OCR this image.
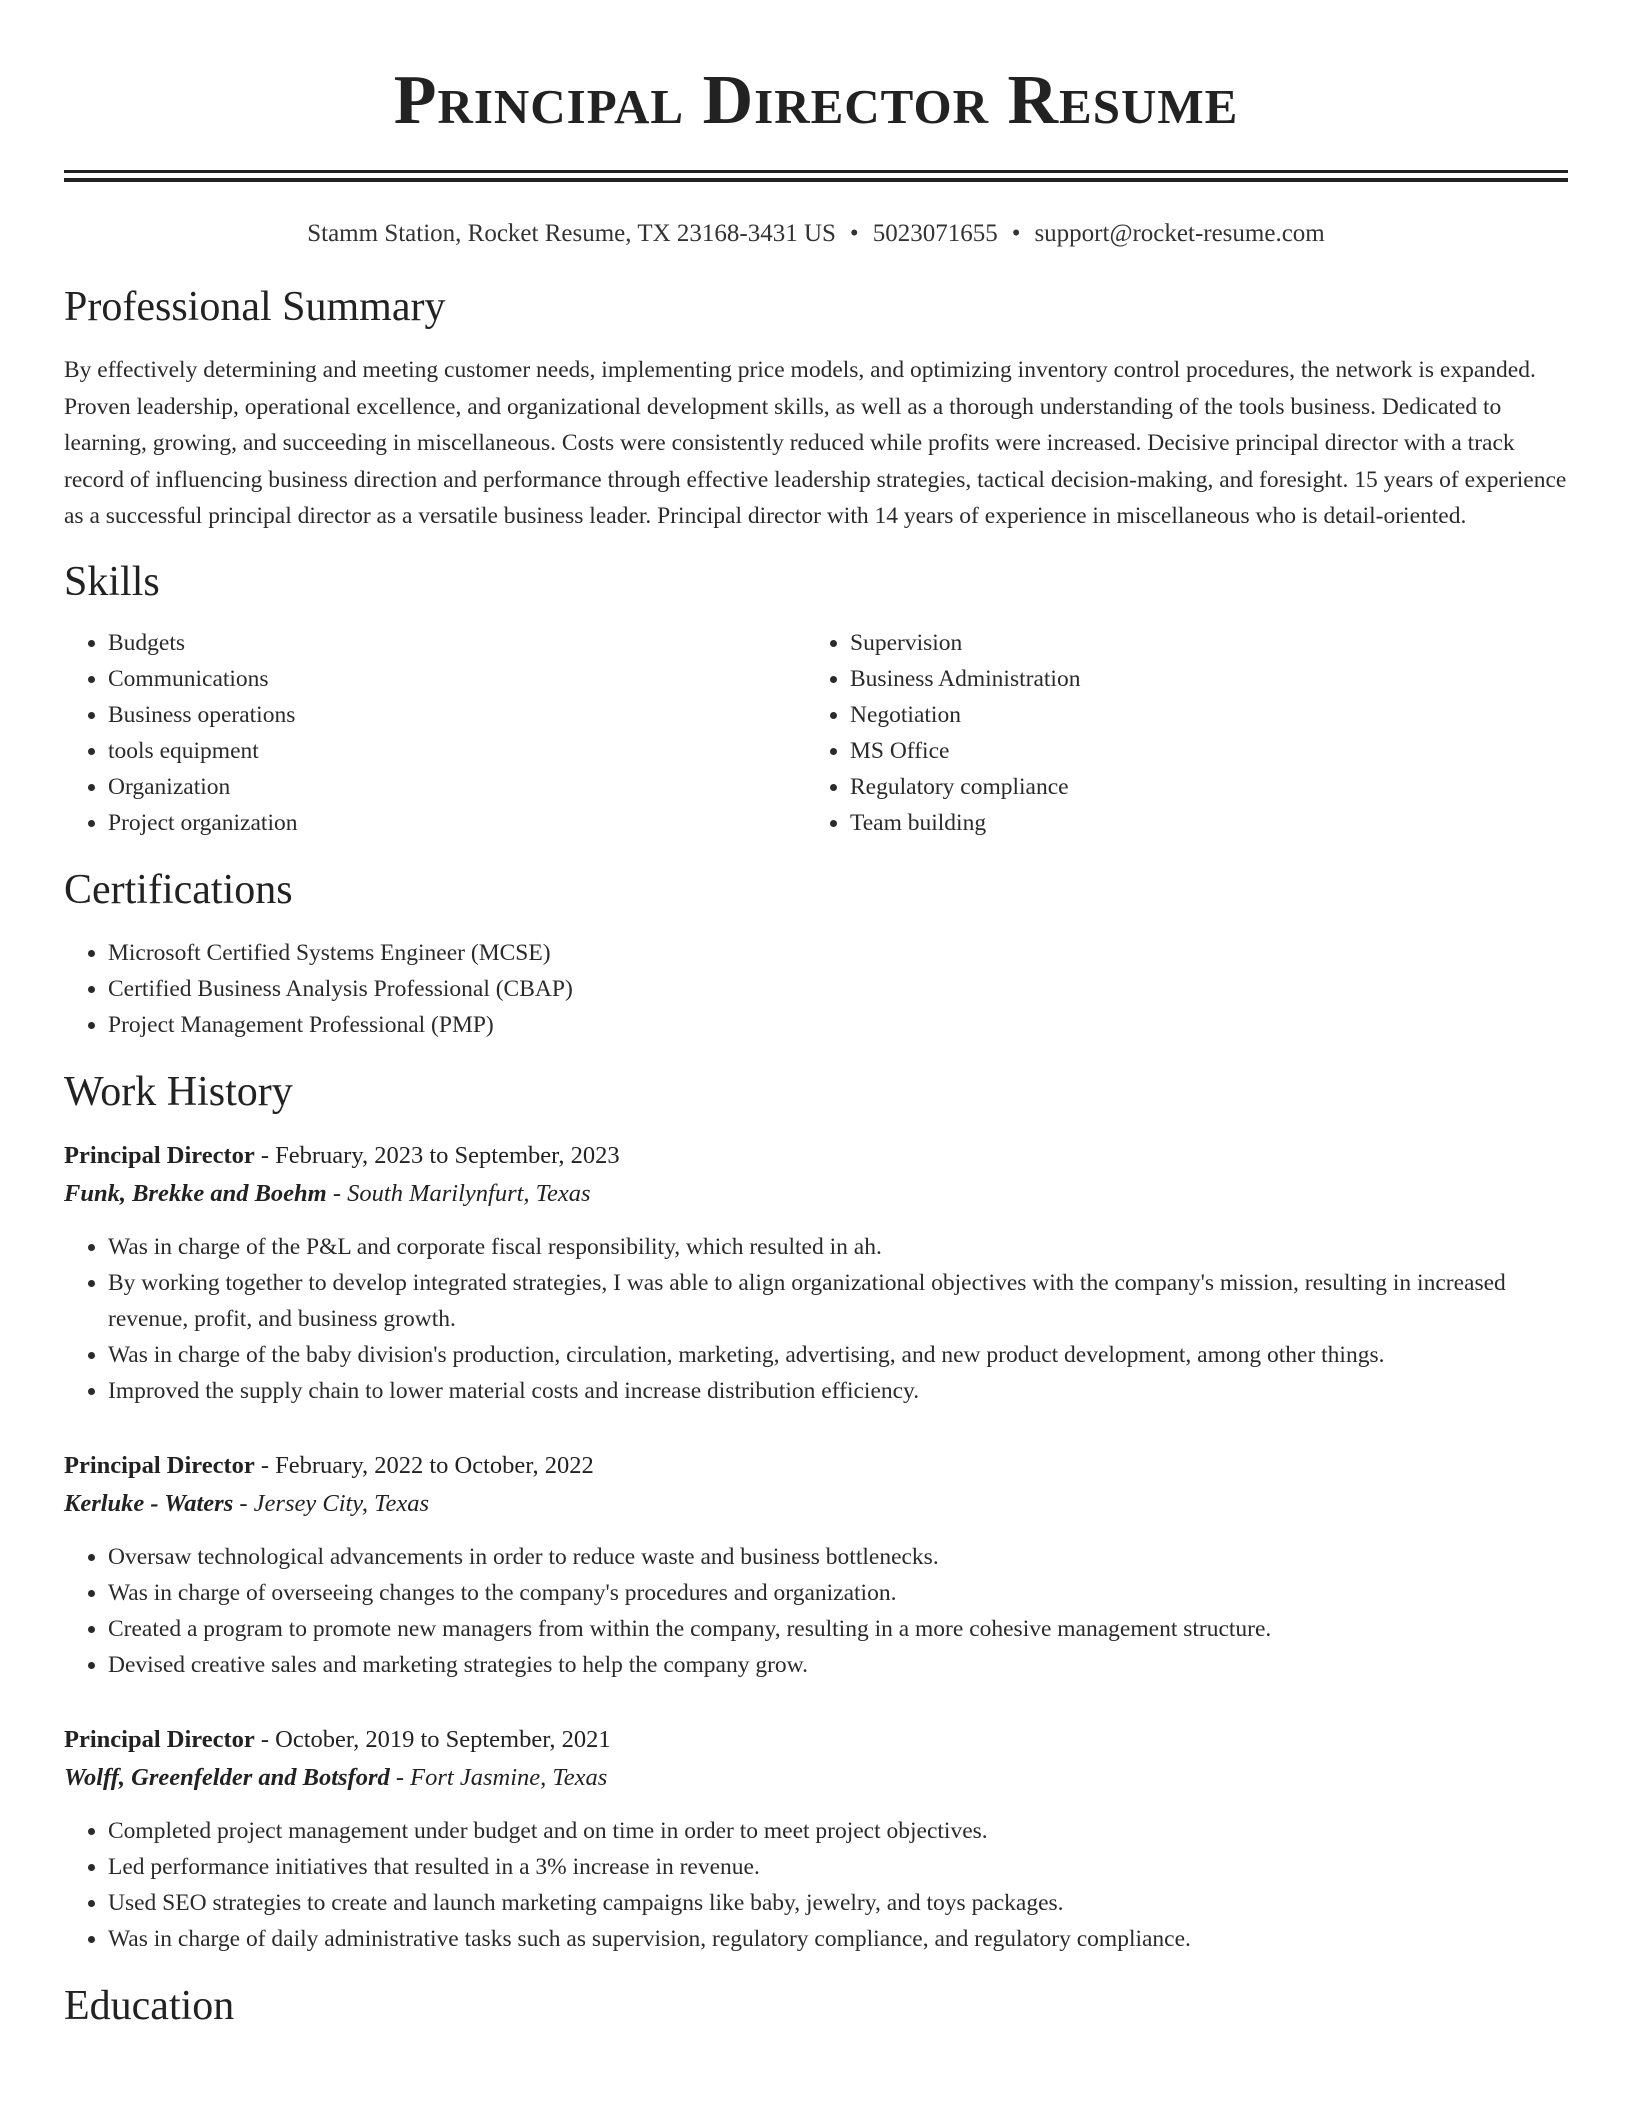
Principal Director Resume
Stamm Station, Rocket Resume, TX 23168-3431 US • 5023071655 • support@rocket-resume.com
Professional Summary

By effectively determining and meeting customer needs, implementing price models, and optimizing inventory control procedures, the network is expanded. Proven leadership, operational excellence, and organizational development skills, as well as a thorough understanding of the tools business. Dedicated to learning, growing, and succeeding in miscellaneous. Costs were consistently reduced while profits were increased. Decisive principal director with a track record of influencing business direction and performance through effective leadership strategies, tactical decision-making, and foresight. 15 years of experience as a successful principal director as a versatile business leader. Principal director with 14 years of experience in miscellaneous who is detail-oriented.

Skills
• Budgets
• Communications
• Business operations
• tools equipment
• Organization
• Project organization
• Supervision
• Business Administration
• Negotiation
• MS Office
• Regulatory compliance
• Team building
Certifications
• Microsoft Certified Systems Engineer (MCSE)
• Certified Business Analysis Professional (CBAP)
• Project Management Professional (PMP)
Work History
Principal Director - February, 2023 to September, 2023
Funk, Brekke and Boehm - South Marilynfurt, Texas
• Was in charge of the P&L and corporate fiscal responsibility, which resulted in ah.
• By working together to develop integrated strategies, I was able to align organizational objectives with the company's mission, resulting in increased revenue, profit, and business growth.
• Was in charge of the baby division's production, circulation, marketing, advertising, and new product development, among other things.
• Improved the supply chain to lower material costs and increase distribution efficiency.
Principal Director - February, 2022 to October, 2022
Kerluke - Waters - Jersey City, Texas
• Oversaw technological advancements in order to reduce waste and business bottlenecks.
• Was in charge of overseeing changes to the company's procedures and organization.
• Created a program to promote new managers from within the company, resulting in a more cohesive management structure.
• Devised creative sales and marketing strategies to help the company grow.
Principal Director - October, 2019 to September, 2021
Wolff, Greenfelder and Botsford - Fort Jasmine, Texas
• Completed project management under budget and on time in order to meet project objectives.
• Led performance initiatives that resulted in a 3% increase in revenue.
• Used SEO strategies to create and launch marketing campaigns like baby, jewelry, and toys packages.
• Was in charge of daily administrative tasks such as supervision, regulatory compliance, and regulatory compliance.
Education
